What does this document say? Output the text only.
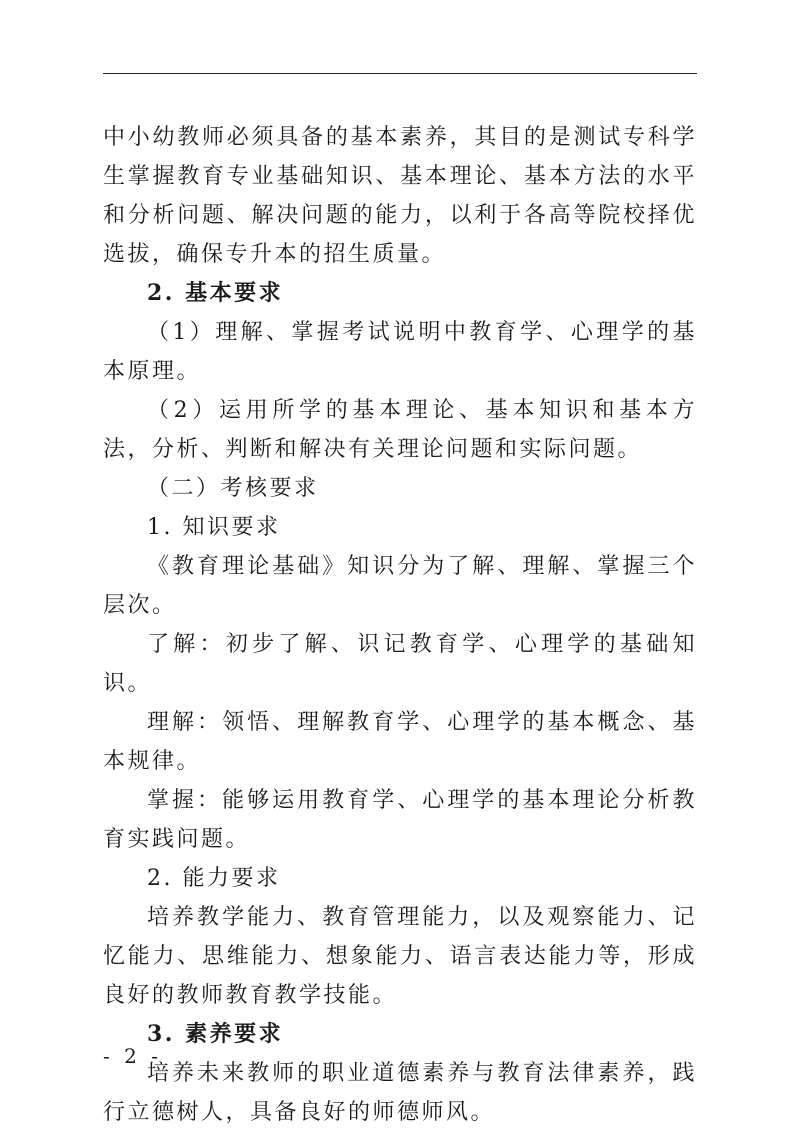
中小幼教师必须具备的基本素养，其目的是测试专科学生掌握教育专业基础知识、基本理论、基本方法的水平和分析问题、解决问题的能力，以利于各高等院校择优选拔，确保专升本的招生质量。

2. 基本要求

（1）理解、掌握考试说明中教育学、心理学的基本原理。

（2）运用所学的基本理论、基本知识和基本方法，分析、判断和解决有关理论问题和实际问题。

（二）考核要求

1. 知识要求

《教育理论基础》知识分为了解、理解、掌握三个层次。

了解：初步了解、识记教育学、心理学的基础知识。

理解：领悟、理解教育学、心理学的基本概念、基本规律。

掌握：能够运用教育学、心理学的基本理论分析教育实践问题。

2. 能力要求

培养教学能力、教育管理能力，以及观察能力、记忆能力、思维能力、想象能力、语言表达能力等，形成良好的教师教育教学技能。

3. 素养要求

培养未来教师的职业道德素养与教育法律素养，践行立德树人，具备良好的师德师风。

- 2 -
